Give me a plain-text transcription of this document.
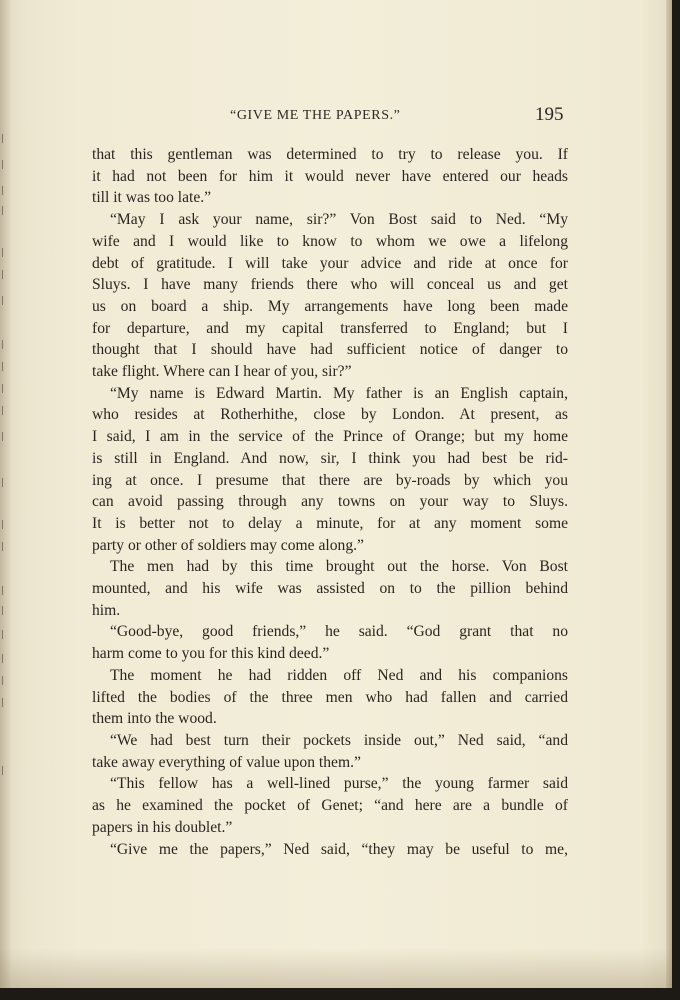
“GIVE ME THE PAPERS.”	195
that this gentleman was determined to try to release you. If
it had not been for him it would never have entered our heads
till it was too late.”
“May I ask your name, sir?” Von Bost said to Ned. “My
wife and I would like to know to whom we owe a lifelong
debt of gratitude. I will take your advice and ride at once for
Sluys. I have many friends there who will conceal us and get
us on board a ship. My arrangements have long been made
for departure, and my capital transferred to England; but I
thought that I should have had sufficient notice of danger to
take flight. Where can I hear of you, sir?”
“My name is Edward Martin. My father is an English captain,
who resides at Rotherhithe, close by London. At present, as
I said, I am in the service of the Prince of Orange; but my home
is still in England. And now, sir, I think you had best be rid-
ing at once. I presume that there are by-roads by which you
can avoid passing through any towns on your way to Sluys.
It is better not to delay a minute, for at any moment some
party or other of soldiers may come along.”
The men had by this time brought out the horse. Von Bost
mounted, and his wife was assisted on to the pillion behind
him.
“Good-bye, good friends,” he said. “God grant that no
harm come to you for this kind deed.”
The moment he had ridden off Ned and his companions
lifted the bodies of the three men who had fallen and carried
them into the wood.
“We had best turn their pockets inside out,” Ned said, “and
take away everything of value upon them.”
“This fellow has a well-lined purse,” the young farmer said
as he examined the pocket of Genet; “and here are a bundle of
papers in his doublet.”
“Give me the papers,” Ned said, “they may be useful to me,
